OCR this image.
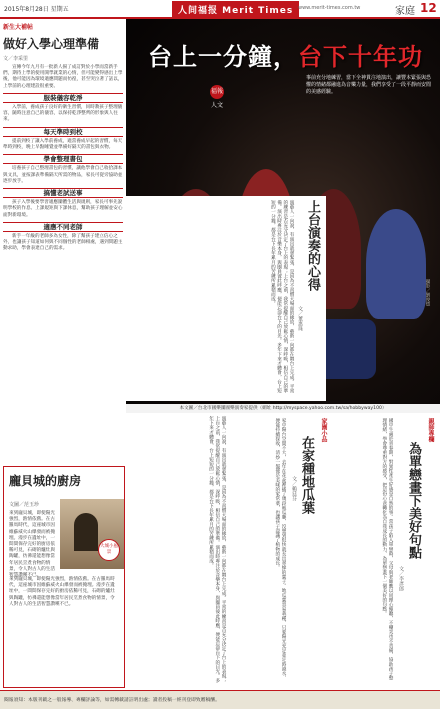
2015年8月28日 星期五	人间福报 Merit Times www.merit-times.com.tw	家庭 12
新生大補帖
做好入學心理準備
文／李采里

宣傳今年九月有一批新人揚了成訂對於小學而當新手們，期待上學的使用開學就業的心情，但可能變得感出上學後，他可能因為環境適應問題而彷徨，甚至哭泣著了話以，上學前的心理建設很重要。

服裝儀容乾淨

入學前，養成孩子良好的衛生習慣，同時教孩子整理儀容，隨時注意自己的儀容，以保持乾淨整齊的形象與人往來。

每天準時到校

提前到校了讓入學前養成，適當養成早起的習慣，每天準時到校，晚上早點睡覺並準備好隔天的書包與衣物。

學會整理書包

培養孩子自己整理書包的習慣，讓他學會自己收拾課本與文具，並按課表準備隔天所需的物品，家長可從旁協助並逐步放手。

搞懂老試送事

孩子入學後要學習適應團體生活與規則，家長可事先說明學校的作息、上課規矩與下課休息，幫助孩子理解並安心面對新環境。

適應不同老師

新手一年級的老師多為女性，除了幫孩子建立信心之外，也讓孩子知道如何與不同個性的老師相處，遇到問題主動求助，學會表達自己的需求。

台上一分鐘，台下十年功
福報人文
事前充分地練習，當下全神貫注地演出，讓豐本緊張與恐懼的情緒都融進為音樂力量，我們享受了一段平靜而安閒的美感經驗。
攝影／劉俊德
本文圖／台北市國樂團國樂演奏家提供（網址 http://myspace.yahoo.com.tw/sa/hobbyway100）
上台演奏的心得
文／董惠珠
演藝人一向說，有演出就會緊張，是因為不習慣大場面的緣故，藝術一向都在舞台上完成。平常的練習是否充分決定了台上的表現；上台之前，我常提醒自己放鬆心情，深呼吸，相信自己的準備。演出時專注於音樂本身，與團員彼此呼應，便能忘卻台下的目光。多年下來才體會，台上短短的一分鐘，都是台下長年累月的苦練所累積而成。
家園小品
在家種地瓜葉
文／賴廷芬
家中陽台空間不大，去年在花盆裡插了幾段地瓜藤，沒想到很快就長出翠綠的葉子。地瓜葉容易栽種，只要陽光充足並定時澆水，便能持續採收，清炒一盤便是美味的家常菜，也讓孩子認識了植物的成長。	親師專欄
為單戀畫下美好句點
文／李彥郎
國中生處於青春期，對異性產生好感是自然的事。當孩子陷入單戀時，父母與老師應以同理心傾聽，不嘲笑也不責備，協助孩子整理情緒，學會尊重對方的感受，把這份心意轉化為自我成長的動力，為單戀畫下一個美好的句點。
演藝人一向說，有演出就會緊張，是因為不習慣大場面的緣故，藝術一向都在舞台上完成。平常的練習是否充分決定了台上的表現；上台之前，我常提醒自己放鬆心情，深呼吸，相信自己的準備。演出時專注於音樂本身，與團員彼此呼應，便能忘卻台下的目光。多年下來才體會，台上短短的一分鐘，都是台下長年累月的苦練所累積而成。
龐貝城的廚房
文圖／范玉珍
大城小風景
來到龐貝城，即使陽光強烈，熱情依舊。在古羅馬時代，這座城市因維蘇威火山爆發而被掩埋。漫步在遺址中，一間間保存完好的廚房依稀可見，石砌的爐灶與陶罐，彷彿還能想像當年居民烹煮食物的情景，令人對古人的生活智慧讚嘆不已。
來到龐貝城，即使陽光強烈，熱情依舊。在古羅馬時代，這座城市因維蘇威火山爆發而被掩埋。漫步在遺址中，一間間保存完好的廚房依稀可見，石砌的爐灶與陶罐，彷彿還能想像當年居民烹煮食物的情景，令人對古人的生活智慧讚嘆不已。
閱報須知：本版刊載之一般報導、專欄評論等，如需轉載請註明出處；讀者投稿一經刊登即致贈稿酬。
